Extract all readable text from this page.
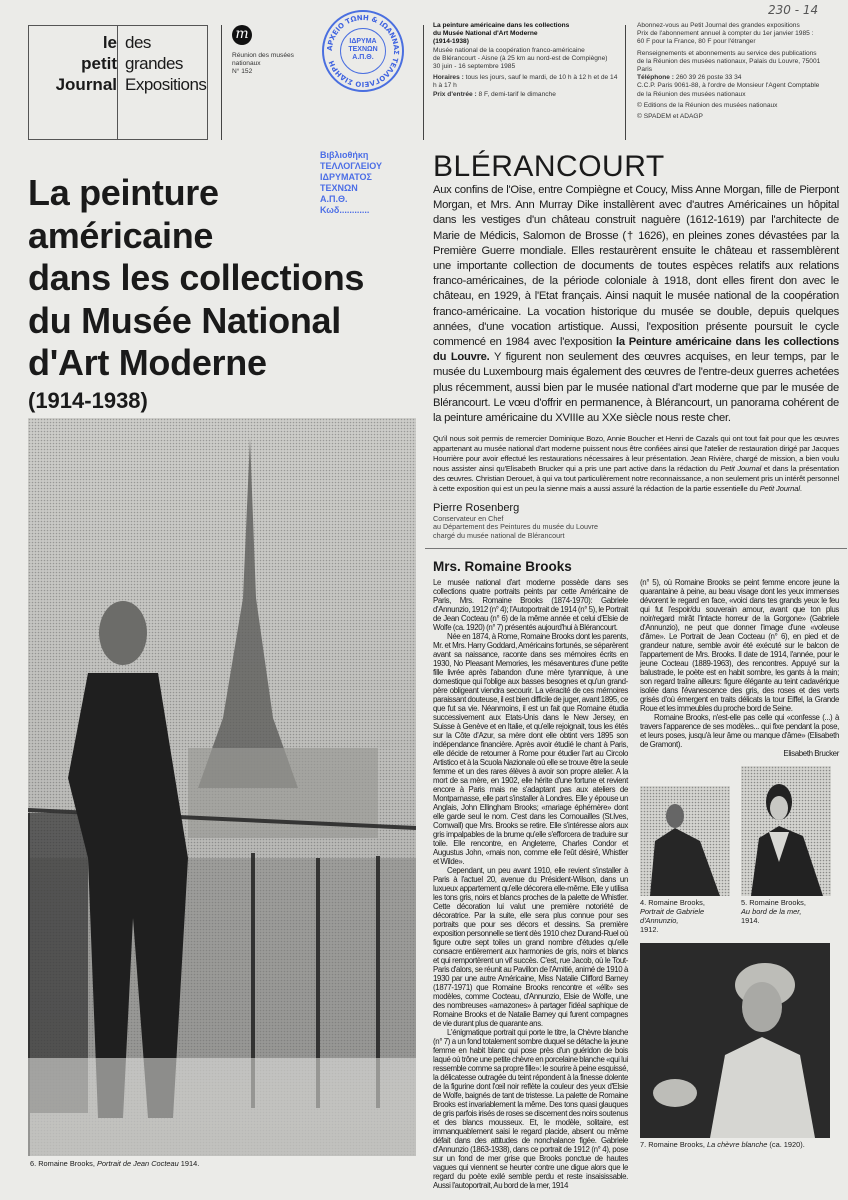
le
petit
Journal
des
grandes
Expositions
m
Réunion des musées nationaux
N° 152
ΙΔΡΥΜΑ
ΤΕΧΝΩΝ
Α.Π.Θ.
ΑΡΧΕΙΟ ΤΩΝΗ & ΙΩΑΝΝΑΣ ΤΕΛΛΟΓΛΕΙΟ ΣΙΔΗΡΗ
Βιβλιοθήκη
ΤΕΛΛΟΓΛΕΙΟΥ
ΙΔΡΥΜΑΤΟΣ
ΤΕΧΝΩΝ
Α.Π.Θ.
Κωδ............
230 - 14
La peinture américaine dans les collections
du Musée National d'Art Moderne
(1914-1938)
Musée national de la coopération franco-américaine
de Blérancourt - Aisne (à 25 km au nord-est de Compiègne)
30 juin - 16 septembre 1985
Horaires : tous les jours, sauf le mardi, de 10 h à 12 h et de 14 h à 17 h
Prix d'entrée : 8 F, demi-tarif le dimanche
Abonnez-vous au Petit Journal des grandes expositions
Prix de l'abonnement annuel à compter du 1er janvier 1985 :
60 F pour la France, 80 F pour l'étranger
Renseignements et abonnements au service des publications
de la Réunion des musées nationaux, Palais du Louvre, 75001
Paris
Téléphone : 260 39 26 poste 33 34
C.C.P. Paris 9061-88, à l'ordre de Monsieur l'Agent Comptable
de la Réunion des musées nationaux
© Editions de la Réunion des musées nationaux
© SPADEM et ADAGP
La peinture
américaine
dans les collections
du Musée National
d'Art Moderne
(1914-1938)
6. Romaine Brooks, Portrait de Jean Cocteau 1914.
BLÉRANCOURT
Aux confins de l'Oise, entre Compiègne et Coucy, Miss Anne Morgan, fille de Pierpont Morgan, et Mrs. Ann Murray Dike installèrent avec d'autres Américaines un hôpital dans les vestiges d'un château construit naguère (1612-1619) par l'architecte de Marie de Médicis, Salomon de Brosse († 1626), en pleines zones dévastées par la Première Guerre mondiale. Elles restaurèrent ensuite le château et rassemblèrent une importante collection de documents de toutes espèces relatifs aux relations franco-américaines, de la période coloniale à 1918, dont elles firent don avec le château, en 1929, à l'Etat français. Ainsi naquit le musée national de la coopération franco-américaine. La vocation historique du musée se double, depuis quelques années, d'une vocation artistique. Aussi, l'exposition présente poursuit le cycle commencé en 1984 avec l'exposition la Peinture américaine dans les collections du Louvre. Y figurent non seulement des œuvres acquises, en leur temps, par le musée du Luxembourg mais également des œuvres de l'entre-deux guerres achetées plus récemment, aussi bien par le musée national d'art moderne que par le musée de Blérancourt. Le vœu d'offrir en permanence, à Blérancourt, un panorama cohérent de la peinture américaine du XVIIIe au XXe siècle nous reste cher.
Qu'il nous soit permis de remercier Dominique Bozo, Annie Boucher et Henri de Cazals qui ont tout fait pour que les œuvres appartenant au musée national d'art moderne puissent nous être confiées ainsi que l'atelier de restauration dirigé par Jacques Hourrière pour avoir effectué les restaurations nécessaires à leur présentation. Jean Rivière, chargé de mission, a bien voulu nous assister ainsi qu'Elisabeth Brucker qui a pris une part active dans la rédaction du Petit Journal et dans la présentation des œuvres. Christian Derouet, à qui va tout particulièrement notre reconnaissance, a non seulement pris un intérêt personnel à cette exposition qui est un peu la sienne mais a aussi assuré la rédaction de la partie essentielle du Petit Journal.
Pierre Rosenberg
Conservateur en Chef
au Département des Peintures du musée du Louvre
chargé du musée national de Blérancourt
Mrs. Romaine Brooks

Le musée national d'art moderne possède dans ses collections quatre portraits peints par cette Américaine de Paris, Mrs. Romaine Brooks (1874-1970): Gabriele d'Annunzio, 1912 (n° 4); l'Autoportrait de 1914 (n° 5), le Portrait de Jean Cocteau (n° 6) de la même année et celui d'Elsie de Wolfe (ca. 1920) (n° 7) présentés aujourd'hui à Blérancourt.

Née en 1874, à Rome, Romaine Brooks dont les parents, Mr. et Mrs. Harry Goddard, Américains fortunés, se séparèrent avant sa naissance, raconte dans ses mémoires écrits en 1930, No Pleasant Memories, les mésaventures d'une petite fille livrée après l'abandon d'une mère tyrannique, à une domestique qui l'oblige aux basses besognes et qu'un grand-père obligeant viendra secourir. La véracité de ces mémoires paraissant douteuse, il est bien difficile de juger, avant 1895, ce que fut sa vie. Néanmoins, il est un fait que Romaine étudia successivement aux Etats-Unis dans le New Jersey, en Suisse à Genève et en Italie, et qu'elle rejoignait, tous les étés sur la Côte d'Azur, sa mère dont elle obtint vers 1895 son indépendance financière. Après avoir étudié le chant à Paris, elle décide de retourner à Rome pour étudier l'art au Circolo Artistico et à la Scuola Nazionale où elle se trouve être la seule femme et un des rares élèves à avoir son propre atelier. A la mort de sa mère, en 1902, elle hérite d'une fortune et revient encore à Paris mais ne s'adaptant pas aux ateliers de Montparnasse, elle part s'installer à Londres. Elle y épouse un Anglais, John Ellingham Brooks; «mariage éphémère» dont elle garde seul le nom. C'est dans les Cornouailles (St.Ives, Cornwall) que Mrs. Brooks se retire. Elle s'intéresse alors aux gris impalpables de la brume qu'elle s'efforcera de traduire sur toile. Elle rencontre, en Angleterre, Charles Condor et Augustus John, «mais non, comme elle l'eût désiré, Whistler et Wilde».

Cependant, un peu avant 1910, elle revient s'installer à Paris à l'actuel 20, avenue du Président-Wilson, dans un luxueux appartement qu'elle décorera elle-même. Elle y utilisa les tons gris, noirs et blancs proches de la palette de Whistler. Cette décoration lui valut une première notoriété de décoratrice. Par la suite, elle sera plus connue pour ses portraits que pour ses décors et dessins. Sa première exposition personnelle se tient dès 1910 chez Durand-Ruel où figure outre sept toiles un grand nombre d'études qu'elle consacre entièrement aux harmonies de gris, noirs et blancs et qui remportèrent un vif succès. C'est, rue Jacob, où le Tout-Paris d'alors, se réunit au Pavillon de l'Amitié, animé de 1910 à 1930 par une autre Américaine, Miss Natalie Clifford Barney (1877-1971) que Romaine Brooks rencontre et «élit» ses modèles, comme Cocteau, d'Annunzio, Elsie de Wolfe, une des nombreuses «amazones» à partager l'idéal saphique de Romaine Brooks et de Natalie Barney qui furent compagnes de vie durant plus de quarante ans.

L'énigmatique portrait qui porte le titre, la Chèvre blanche (n° 7) a un fond totalement sombre duquel se détache la jeune femme en habit blanc qui pose près d'un guéridon de bois laqué où trône une petite chèvre en porcelaine blanche «qui lui ressemble comme sa propre fille»: le sourire à peine esquissé, la délicatesse outragée du teint répondent à la finesse dolente de la figurine dont l'œil noir reflète la couleur des yeux d'Elsie de Wolfe, baignés de tant de tristesse. La palette de Romaine Brooks est invariablement la même. Des tons quasi glauques de gris parfois irisés de roses se discernent des noirs soutenus et des blancs mousseux. Et, le modèle, solitaire, est immanquablement saisi le regard placide, absent ou même défait dans des attitudes de nonchalance figée. Gabriele d'Annunzio (1863-1938), dans ce portrait de 1912 (n° 4), pose sur un fond de mer grise que Brooks ponctue de hautes vagues qui viennent se heurter contre une digue alors que le regard du poète exilé semble perdu et reste insaisissable. Aussi l'autoportrait, Au bord de la mer, 1914

(n° 5), où Romaine Brooks se peint femme encore jeune la quarantaine à peine, au beau visage dont les yeux immenses dévorent le regard en face, «voici dans tes grands yeux le feu qui fut l'espoir/du souverain amour, avant que ton plus noir/regard mirât l'intacte horreur de la Gorgone» (Gabriele d'Annunzio), ne peut que donner l'image d'une «voleuse d'âme». Le Portrait de Jean Cocteau (n° 6), en pied et de grandeur nature, semble avoir été exécuté sur le balcon de l'appartement de Mrs. Brooks. Il date de 1914, l'année, pour le jeune Cocteau (1889-1963), des rencontres. Appuyé sur la balustrade, le poète est en habit sombre, les gants à la main; son regard traîne ailleurs: figure élégante au teint cadavérique isolée dans l'évanescence des gris, des roses et des verts grisés d'où émergent en traits délicats la tour Eiffel, la Grande Roue et les immeubles du proche bord de Seine.

Romaine Brooks, n'est-elle pas celle qui «confesse (...) à travers l'apparence de ses modèles... qui fixe pendant la pose, et leurs poses, jusqu'à leur âme ou manque d'âme» (Elisabeth de Gramont).

Elisabeth Brucker
4. Romaine Brooks,
Portrait de Gabriele d'Annunzio,
1912.
5. Romaine Brooks,
Au bord de la mer,
1914.
7. Romaine Brooks, La chèvre blanche (ca. 1920).
